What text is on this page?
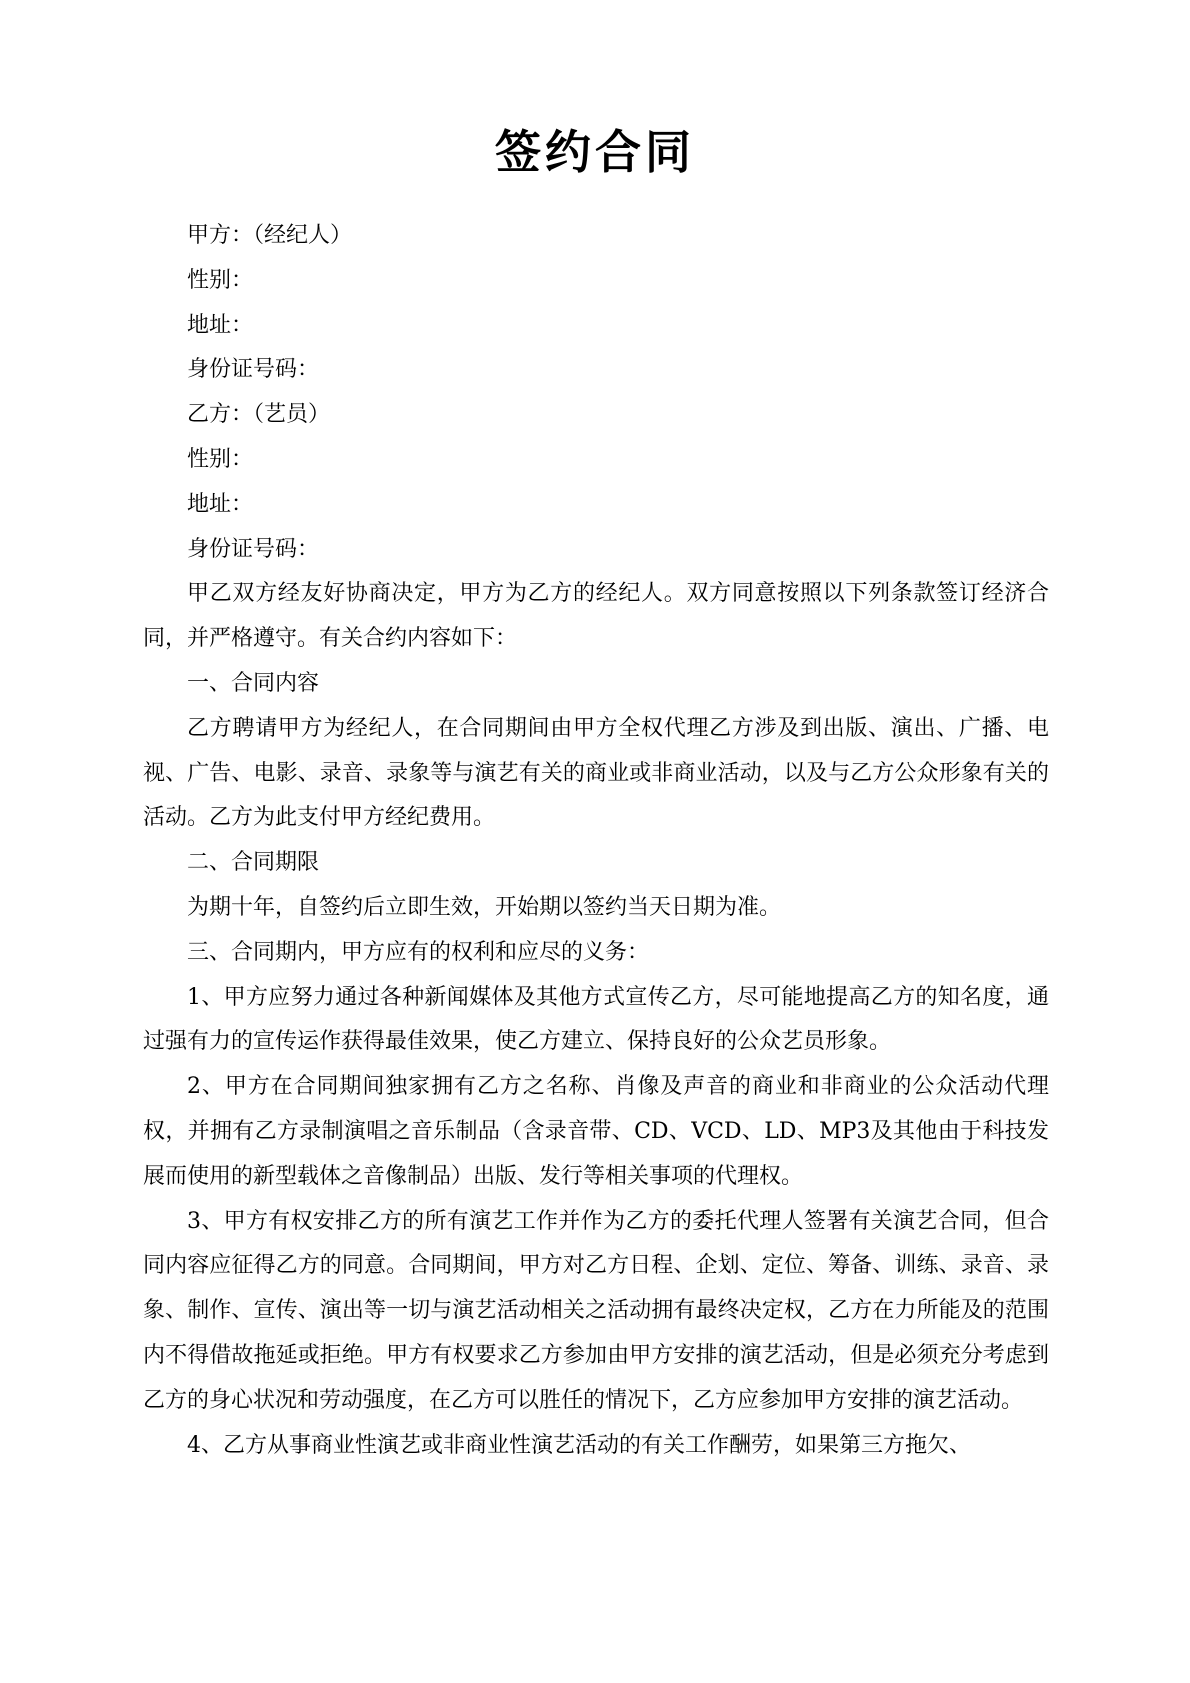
签约合同

甲方：（经纪人）

性别：

地址：

身份证号码：

乙方：（艺员）

性别：

地址：

身份证号码：

甲乙双方经友好协商决定，甲方为乙方的经纪人。双方同意按照以下列条款签订经济合同，并严格遵守。有关合约内容如下：

一、合同内容

乙方聘请甲方为经纪人，在合同期间由甲方全权代理乙方涉及到出版、演出、广播、电视、广告、电影、录音、录象等与演艺有关的商业或非商业活动，以及与乙方公众形象有关的活动。乙方为此支付甲方经纪费用。

二、合同期限

为期十年，自签约后立即生效，开始期以签约当天日期为准。

三、合同期内，甲方应有的权利和应尽的义务：

1、甲方应努力通过各种新闻媒体及其他方式宣传乙方，尽可能地提高乙方的知名度，通过强有力的宣传运作获得最佳效果，使乙方建立、保持良好的公众艺员形象。

2、甲方在合同期间独家拥有乙方之名称、肖像及声音的商业和非商业的公众活动代理权，并拥有乙方录制演唱之音乐制品（含录音带、CD、VCD、LD、MP3及其他由于科技发展而使用的新型载体之音像制品）出版、发行等相关事项的代理权。

3、甲方有权安排乙方的所有演艺工作并作为乙方的委托代理人签署有关演艺合同，但合同内容应征得乙方的同意。合同期间，甲方对乙方日程、企划、定位、筹备、训练、录音、录象、制作、宣传、演出等一切与演艺活动相关之活动拥有最终决定权，乙方在力所能及的范围内不得借故拖延或拒绝。甲方有权要求乙方参加由甲方安排的演艺活动，但是必须充分考虑到乙方的身心状况和劳动强度，在乙方可以胜任的情况下，乙方应参加甲方安排的演艺活动。

4、乙方从事商业性演艺或非商业性演艺活动的有关工作酬劳，如果第三方拖欠、
